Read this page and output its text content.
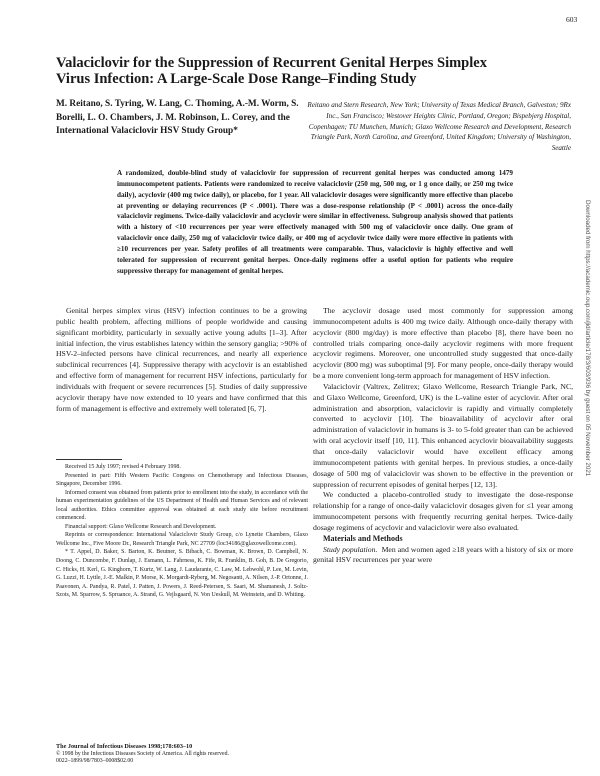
603
Downloaded from https://academic.oup.com/jid/article/178/3/603/936 by guest on 05 November 2021
Valaciclovir for the Suppression of Recurrent Genital Herpes Simplex Virus Infection: A Large-Scale Dose Range–Finding Study
M. Reitano, S. Tyring, W. Lang, C. Thoming, A.-M. Worm, S. Borelli, L. O. Chambers, J. M. Robinson, L. Corey, and the International Valaciclovir HSV Study Group*
Reitano and Stern Research, New York; University of Texas Medical Branch, Galveston; 9Rx Inc., San Francisco; Westover Heights Clinic, Portland, Oregon; Bispebjerg Hospital, Copenhagen; TU Munchen, Munich; Glaxo Wellcome Research and Development, Research Triangle Park, North Carolina, and Greenford, United Kingdom; University of Washington, Seattle
A randomized, double-blind study of valaciclovir for suppression of recurrent genital herpes was conducted among 1479 immunocompetent patients. Patients were randomized to receive valaciclovir (250 mg, 500 mg, or 1 g once daily, or 250 mg twice daily), acyclovir (400 mg twice daily), or placebo, for 1 year. All valaciclovir dosages were significantly more effective than placebo at preventing or delaying recurrences (P < .0001). There was a dose-response relationship (P < .0001) across the once-daily valaciclovir regimens. Twice-daily valaciclovir and acyclovir were similar in effectiveness. Subgroup analysis showed that patients with a history of <10 recurrences per year were effectively managed with 500 mg of valaciclovir once daily. One gram of valaciclovir once daily, 250 mg of valaciclovir twice daily, or 400 mg of acyclovir twice daily were more effective in patients with ≥10 recurrences per year. Safety profiles of all treatments were comparable. Thus, valaciclovir is highly effective and well tolerated for suppression of recurrent genital herpes. Once-daily regimens offer a useful option for patients who require suppressive therapy for management of genital herpes.

Genital herpes simplex virus (HSV) infection continues to be a growing public health problem, affecting millions of people worldwide and causing significant morbidity, particularly in sexually active young adults [1–3]. After initial infection, the virus establishes latency within the sensory ganglia; >90% of HSV-2–infected persons have clinical recurrences, and nearly all experience subclinical recurrences [4]. Suppressive therapy with acyclovir is an established and effective form of management for recurrent HSV infections, particularly for individuals with frequent or severe recurrences [5]. Studies of daily suppressive acyclovir therapy have now extended to 10 years and have confirmed that this form of management is effective and extremely well tolerated [6, 7].

Received 15 July 1997; revised 4 February 1998.

Presented in part: Fifth Western Pacific Congress on Chemotherapy and Infectious Diseases, Singapore, December 1996.

Informed consent was obtained from patients prior to enrollment into the study, in accordance with the human experimentation guidelines of the US Department of Health and Human Services and of relevant local authorities. Ethics committee approval was obtained at each study site before recruitment commenced.

Financial support: Glaxo Wellcome Research and Development.

Reprints or correspondence: International Valaciclovir Study Group, c/o Lynette Chambers, Glaxo Wellcome Inc., Five Moore Dr., Research Triangle Park, NC 27709 (loc34186@glaxowellcome.com).

* T. Appel, D. Baker, S. Barton, K. Beutner, S. Bibach, C. Bowman, K. Brown, D. Campbell, N. Doong, C. Duncombe, F. Dunlap, J. Esmann, L. Fahrness, K. Fife, R. Franklin, B. Goh, B. De Gregorio, C. Hicks, H. Kerl, G. Kinghorn, T. Kurtz, W. Lang, J. Laudarante, C. Law, M. Lebwohl, P. Lee, M. Levin, G. Luzzi, H. Lyttle, J.-E. Malkin, P. Morse, K. Morgardt-Ryberg, M. Negosanti, A. Nilsen, J.-P. Ortonne, J. Paavonen, A. Pandya, R. Patel, J. Patten, J. Powers, J. Reed-Petersen, S. Saari, M. Shamanesh, J. Soltz-Szots, M. Sparrow, S. Spruance, A. Strand, G. Vejlsgaard, N. Von Ueskull, M. Weinstein, and D. Whiting.

The Journal of Infectious Diseases 1998;178:603–10
© 1998 by the Infectious Diseases Society of America. All rights reserved.
0022–1899/98/7803–0008$02.00

The acyclovir dosage used most commonly for suppression among immunocompetent adults is 400 mg twice daily. Although once-daily therapy with acyclovir (800 mg/day) is more effective than placebo [8], there have been no controlled trials comparing once-daily acyclovir regimens with more frequent acyclovir regimens. Moreover, one uncontrolled study suggested that once-daily acyclovir (800 mg) was suboptimal [9]. For many people, once-daily therapy would be a more convenient long-term approach for management of HSV infection.

Valaciclovir (Valtrex, Zelitrex; Glaxo Wellcome, Research Triangle Park, NC, and Glaxo Wellcome, Greenford, UK) is the L-valine ester of acyclovir. After oral administration and absorption, valaciclovir is rapidly and virtually completely converted to acyclovir [10]. The bioavailability of acyclovir after oral administration of valaciclovir in humans is 3- to 5-fold greater than can be achieved with oral acyclovir itself [10, 11]. This enhanced acyclovir bioavailability suggests that once-daily valaciclovir would have excellent efficacy among immunocompetent patients with genital herpes. In previous studies, a once-daily dosage of 500 mg of valaciclovir was shown to be effective in the prevention or suppression of recurrent episodes of genital herpes [12, 13].

We conducted a placebo-controlled study to investigate the dose-response relationship for a range of once-daily valaciclovir dosages given for ≤1 year among immunocompetent persons with frequently recurring genital herpes. Twice-daily dosage regimens of acyclovir and valaciclovir were also evaluated.

Materials and Methods

Study population. Men and women aged ≥18 years with a history of six or more genital HSV recurrences per year were
